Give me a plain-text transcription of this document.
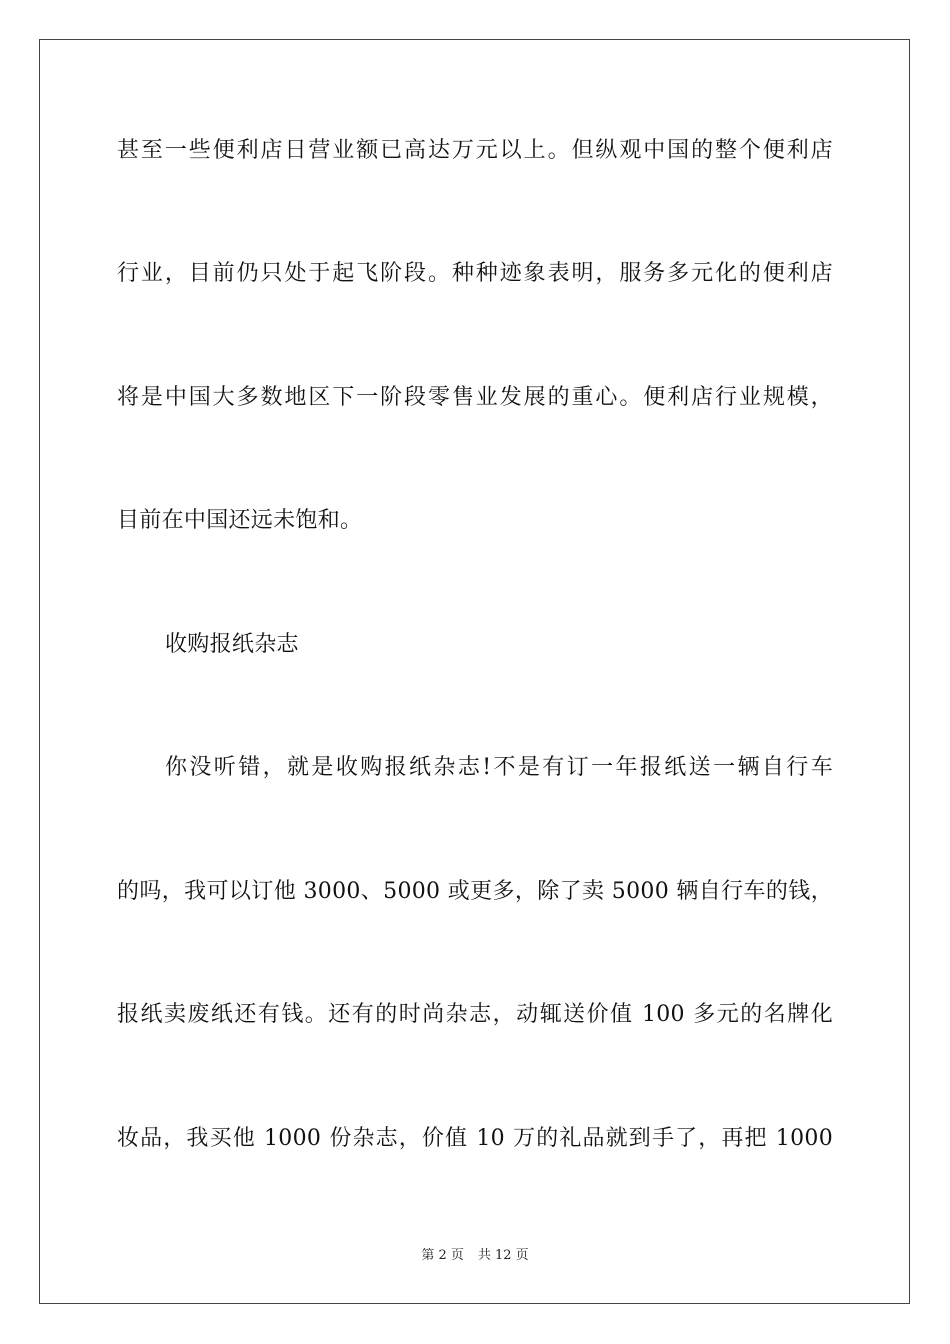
甚至一些便利店日营业额已高达万元以上。但纵观中国的整个便利店
行业，目前仍只处于起飞阶段。种种迹象表明，服务多元化的便利店
将是中国大多数地区下一阶段零售业发展的重心。便利店行业规模，
目前在中国还远未饱和。
收购报纸杂志
你没听错，就是收购报纸杂志!不是有订一年报纸送一辆自行车
的吗，我可以订他 3000、5000 或更多，除了卖 5000 辆自行车的钱，
报纸卖废纸还有钱。还有的时尚杂志，动辄送价值 100 多元的名牌化
妆品，我买他 1000 份杂志，价值 10 万的礼品就到手了，再把 1000
第 2 页 共 12 页
